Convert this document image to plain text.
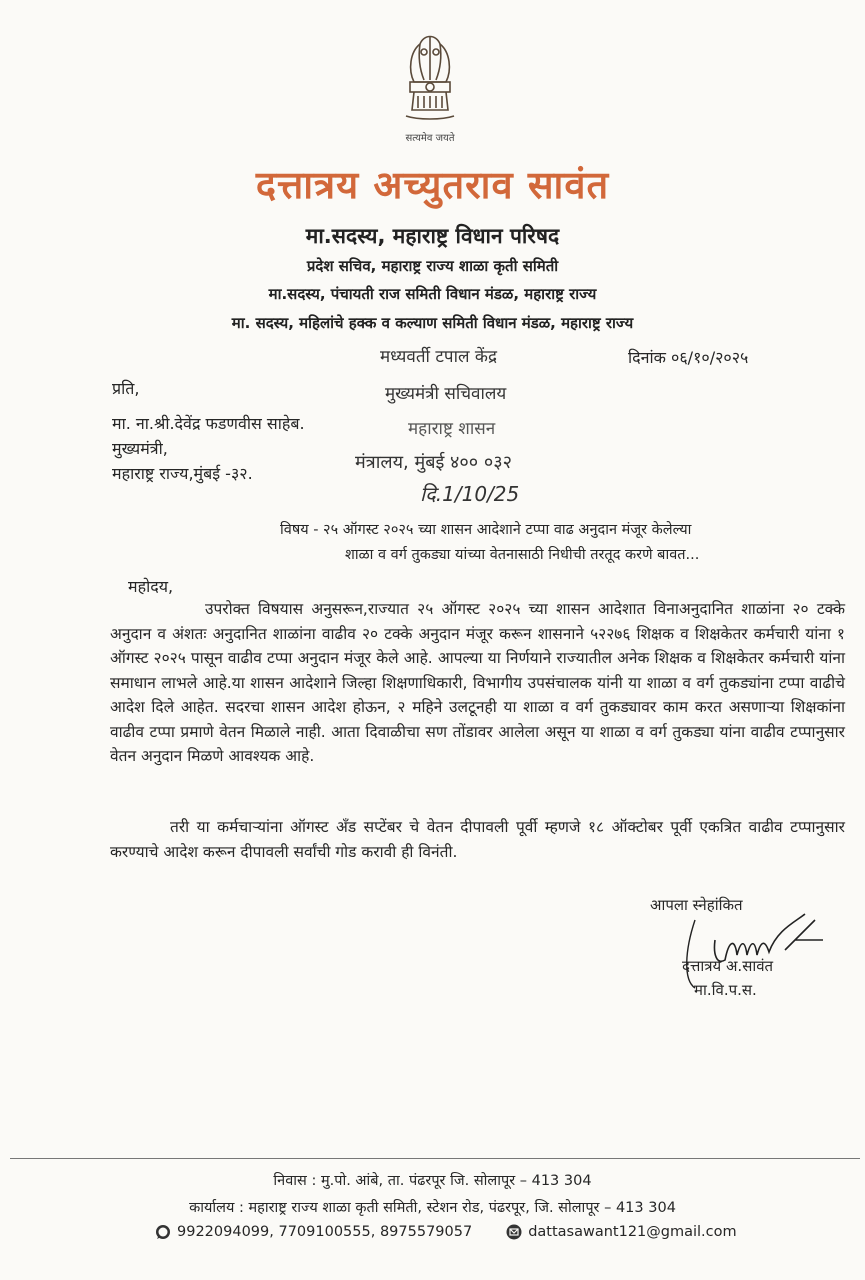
सत्यमेव जयते
दत्तात्रय अच्युतराव सावंत
मा.सदस्य, महाराष्ट्र विधान परिषद
प्रदेश सचिव, महाराष्ट्र राज्य शाळा कृती समिती
मा.सदस्य, पंचायती राज समिती विधान मंडळ, महाराष्ट्र राज्य
मा. सदस्य, महिलांचे हक्क व कल्याण समिती विधान मंडळ, महाराष्ट्र राज्य
मध्यवर्ती टपाल केंद्र
मुख्यमंत्री सचिवालय
महाराष्ट्र शासन
मंत्रालय, मुंबई ४०० ०३२
दि.1/10/25
दिनांक ०६/१०/२०२५
प्रति,
मा. ना.श्री.देवेंद्र फडणवीस साहेब.
मुख्यमंत्री,
महाराष्ट्र राज्य,मुंबई -३२.
विषय - २५ ऑगस्ट २०२५ च्या शासन आदेशाने टप्पा वाढ अनुदान मंजूर केलेल्या
शाळा व वर्ग तुकड्या यांच्या वेतनासाठी निधीची तरतूद करणे बावत...
महोदय,
उपरोक्त विषयास अनुसरून,राज्यात २५ ऑगस्ट २०२५ च्या शासन आदेशात विनाअनुदानित शाळांना २० टक्के अनुदान व अंशतः अनुदानित शाळांना वाढीव २० टक्के अनुदान मंजूर करून शासनाने ५२२७६ शिक्षक व शिक्षकेतर कर्मचारी यांना १ ऑगस्ट २०२५ पासून वाढीव टप्पा अनुदान मंजूर केले आहे. आपल्या या निर्णयाने राज्यातील अनेक शिक्षक व शिक्षकेतर कर्मचारी यांना समाधान लाभले आहे.या शासन आदेशाने जिल्हा शिक्षणाधिकारी, विभागीय उपसंचालक यांनी या शाळा व वर्ग तुकड्यांना टप्पा वाढीचे आदेश दिले आहेत. सदरचा शासन आदेश होऊन, २ महिने उलटूनही या शाळा व वर्ग तुकड्यावर काम करत असणाऱ्या शिक्षकांना वाढीव टप्पा प्रमाणे वेतन मिळाले नाही. आता दिवाळीचा सण तोंडावर आलेला असून या शाळा व वर्ग तुकड्या यांना वाढीव टप्पानुसार वेतन अनुदान मिळणे आवश्यक आहे.
तरी या कर्मचाऱ्यांना ऑगस्ट अँड सप्टेंबर चे वेतन दीपावली पूर्वी म्हणजे १८ ऑक्टोबर पूर्वी एकत्रित वाढीव टप्पानुसार करण्याचे आदेश करून दीपावली सर्वांची गोड करावी ही विनंती.
आपला स्नेहांकित
दत्तात्रय अ.सावंत
मा.वि.प.स.
निवास : मु.पो. आंबे, ता. पंढरपूर जि. सोलापूर – 413 304
कार्यालय : महाराष्ट्र राज्य शाळा कृती समिती, स्टेशन रोड, पंढरपूर, जि. सोलापूर – 413 304
9922094099, 7709100555, 8975579057	dattasawant121@gmail.com
